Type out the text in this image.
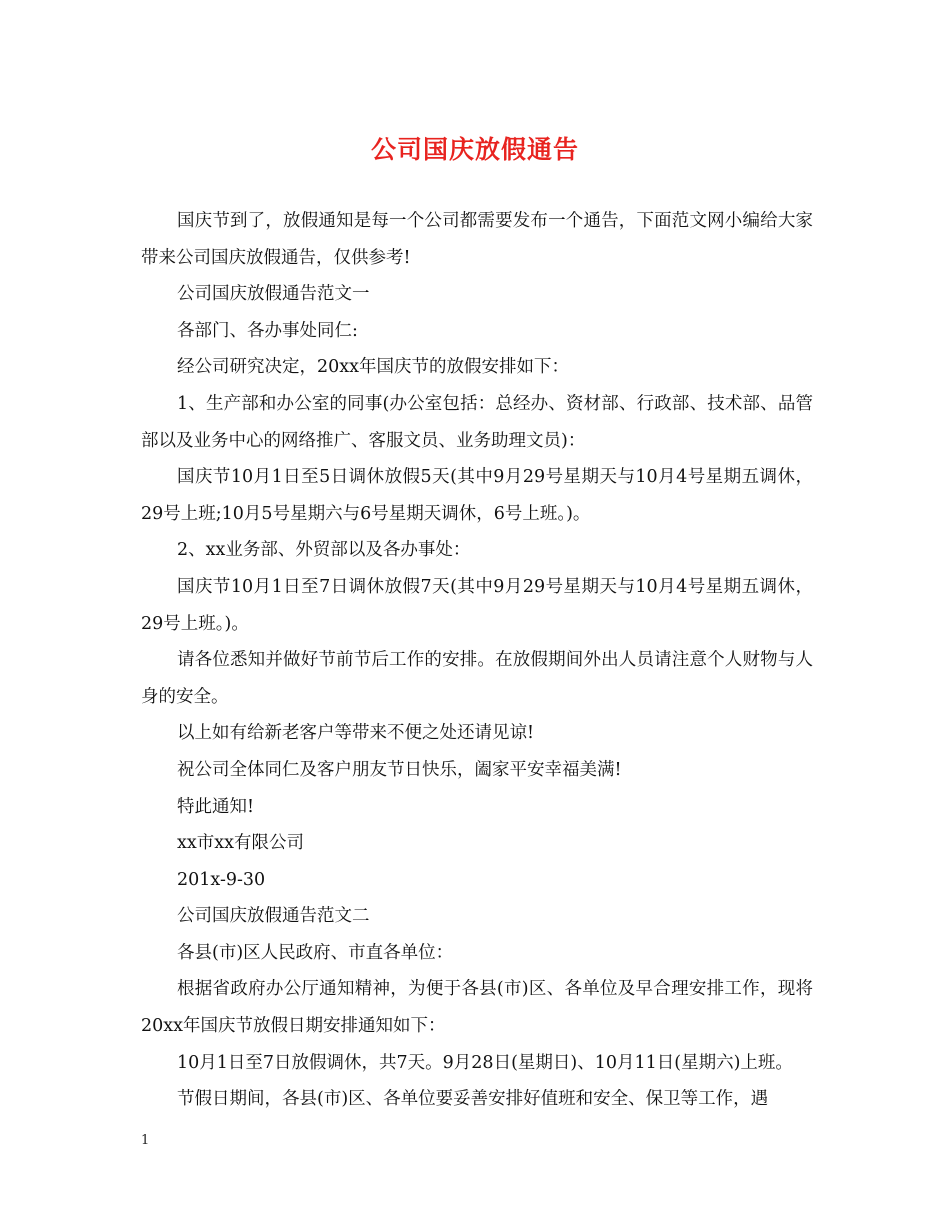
公司国庆放假通告

国庆节到了，放假通知是每一个公司都需要发布一个通告，下面范文网小编给大家带来公司国庆放假通告，仅供参考!

公司国庆放假通告范文一

各部门、各办事处同仁:

经公司研究决定，20xx年国庆节的放假安排如下：

1、生产部和办公室的同事(办公室包括：总经办、资材部、行政部、技术部、品管部以及业务中心的网络推广、客服文员、业务助理文员)：

国庆节10月1日至5日调休放假5天(其中9月29号星期天与10月4号星期五调休，29号上班;10月5号星期六与6号星期天调休，6号上班。)。

2、xx业务部、外贸部以及各办事处：

国庆节10月1日至7日调休放假7天(其中9月29号星期天与10月4号星期五调休，29号上班。)。

请各位悉知并做好节前节后工作的安排。在放假期间外出人员请注意个人财物与人身的安全。

以上如有给新老客户等带来不便之处还请见谅!

祝公司全体同仁及客户朋友节日快乐，阖家平安幸福美满!

特此通知!

xx市xx有限公司

201x-9-30

公司国庆放假通告范文二

各县(市)区人民政府、市直各单位：

根据省政府办公厅通知精神，为便于各县(市)区、各单位及早合理安排工作，现将20xx年国庆节放假日期安排通知如下：

10月1日至7日放假调休，共7天。9月28日(星期日)、10月11日(星期六)上班。

节假日期间，各县(市)区、各单位要妥善安排好值班和安全、保卫等工作，遇

1
